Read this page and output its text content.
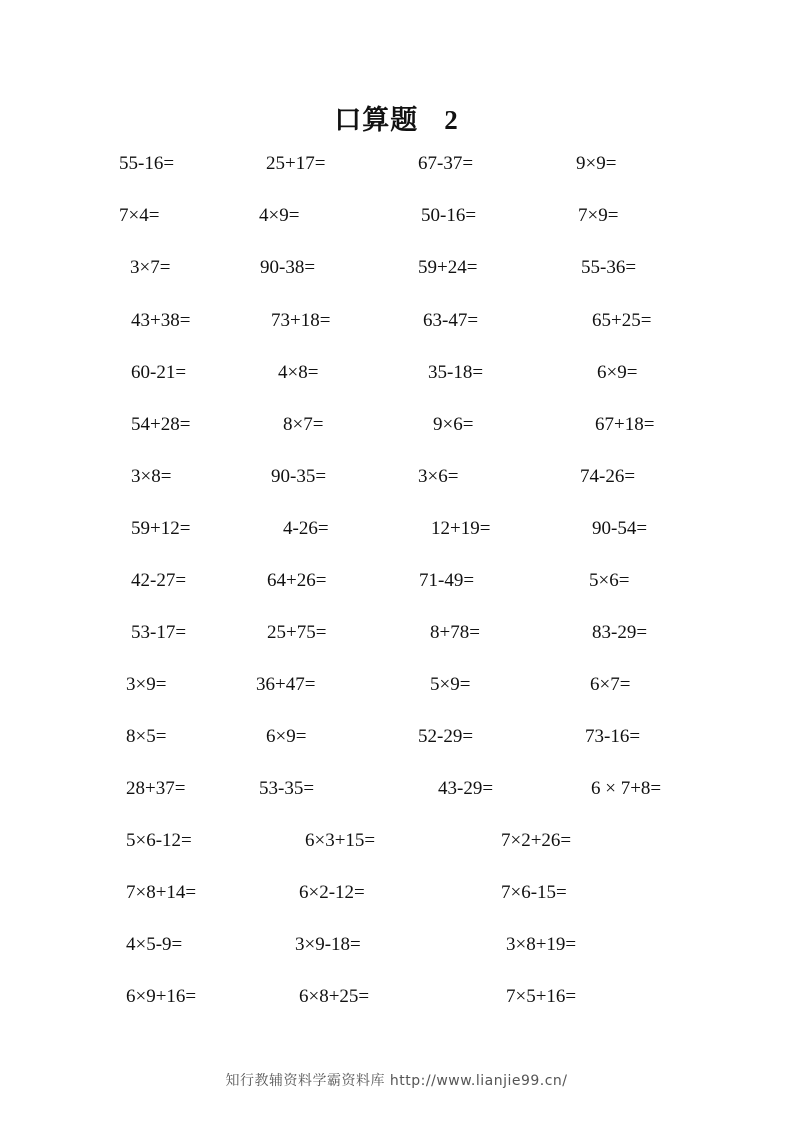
口算题 2
55-16=	25+17=	67-37=	9×9=
7×4=	4×9=	50-16=	7×9=
3×7=	90-38=	59+24=	55-36=
43+38=	73+18=	63-47=	65+25=
60-21=	4×8=	35-18=	6×9=
54+28=	8×7=	9×6=	67+18=
3×8=	90-35=	3×6=	74-26=
59+12=	4-26=	12+19=	90-54=
42-27=	64+26=	71-49=	5×6=
53-17=	25+75=	8+78=	83-29=
3×9=	36+47=	5×9=	6×7=
8×5=	6×9=	52-29=	73-16=
28+37=	53-35=	43-29=	6 × 7+8=
5×6-12=	6×3+15=	7×2+26=
7×8+14=	6×2-12=	7×6-15=
4×5-9=	3×9-18=	3×8+19=
6×9+16=	6×8+25=	7×5+16=
知行教辅资料学霸资料库 http://www.lianjie99.cn/
